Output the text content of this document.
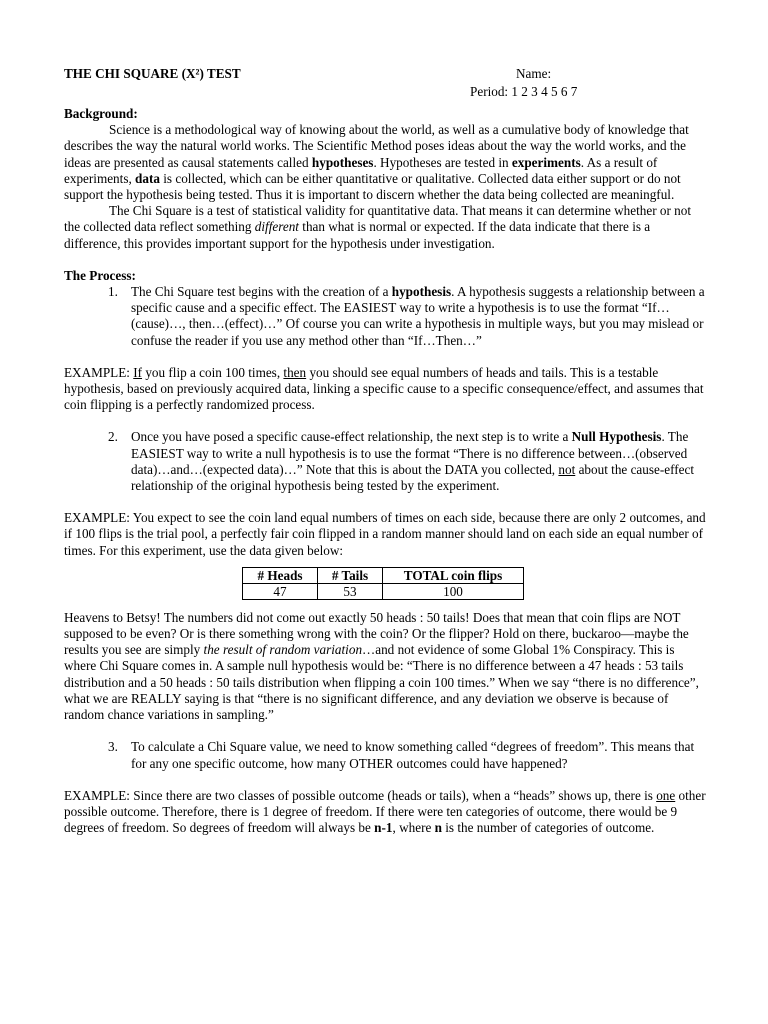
THE CHI SQUARE (X²) TEST	Name:
Period: 1 2 3 4 5 6 7
Background:

Science is a methodological way of knowing about the world, as well as a cumulative body of knowledge that describes the way the natural world works. The Scientific Method poses ideas about the way the world works, and the ideas are presented as causal statements called hypotheses. Hypotheses are tested in experiments. As a result of experiments, data is collected, which can be either quantitative or qualitative. Collected data either support or do not support the hypothesis being tested. Thus it is important to discern whether the data being collected are meaningful.

The Chi Square is a test of statistical validity for quantitative data. That means it can determine whether or not the collected data reflect something different than what is normal or expected. If the data indicate that there is a difference, this provides important support for the hypothesis under investigation.

The Process:
1. The Chi Square test begins with the creation of a hypothesis. A hypothesis suggests a relationship between a specific cause and a specific effect. The EASIEST way to write a hypothesis is to use the format “If…(cause)…, then…(effect)…” Of course you can write a hypothesis in multiple ways, but you may mislead or confuse the reader if you use any method other than “If…Then…”

EXAMPLE: If you flip a coin 100 times, then you should see equal numbers of heads and tails. This is a testable hypothesis, based on previously acquired data, linking a specific cause to a specific consequence/effect, and assumes that coin flipping is a perfectly randomized process.

2. Once you have posed a specific cause-effect relationship, the next step is to write a Null Hypothesis. The EASIEST way to write a null hypothesis is to use the format “There is no difference between…(observed data)…and…(expected data)…” Note that this is about the DATA you collected, not about the cause-effect relationship of the original hypothesis being tested by the experiment.

EXAMPLE: You expect to see the coin land equal numbers of times on each side, because there are only 2 outcomes, and if 100 flips is the trial pool, a perfectly fair coin flipped in a random manner should land on each side an equal number of times. For this experiment, use the data given below:

# Heads	# Tails	TOTAL coin flips
47	53	100

Heavens to Betsy! The numbers did not come out exactly 50 heads : 50 tails! Does that mean that coin flips are NOT supposed to be even? Or is there something wrong with the coin? Or the flipper? Hold on there, buckaroo—maybe the results you see are simply the result of random variation…and not evidence of some Global 1% Conspiracy. This is where Chi Square comes in. A sample null hypothesis would be: “There is no difference between a 47 heads : 53 tails distribution and a 50 heads : 50 tails distribution when flipping a coin 100 times.” When we say “there is no difference”, what we are REALLY saying is that “there is no significant difference, and any deviation we observe is because of random chance variations in sampling.”

3. To calculate a Chi Square value, we need to know something called “degrees of freedom”. This means that for any one specific outcome, how many OTHER outcomes could have happened?

EXAMPLE: Since there are two classes of possible outcome (heads or tails), when a “heads” shows up, there is one other possible outcome. Therefore, there is 1 degree of freedom. If there were ten categories of outcome, there would be 9 degrees of freedom. So degrees of freedom will always be n-1, where n is the number of categories of outcome.
